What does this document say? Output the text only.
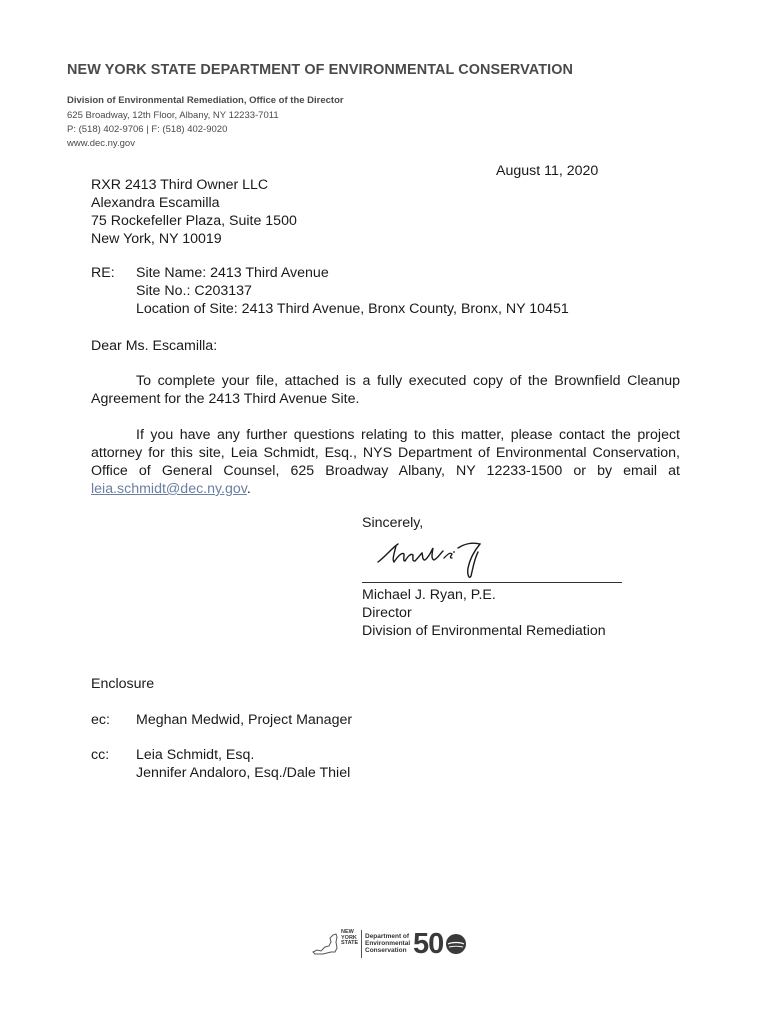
NEW YORK STATE DEPARTMENT OF ENVIRONMENTAL CONSERVATION
Division of Environmental Remediation, Office of the Director
625 Broadway, 12th Floor, Albany, NY 12233-7011
P: (518) 402-9706 | F: (518) 402-9020
www.dec.ny.gov
August 11, 2020
RXR 2413 Third Owner LLC
Alexandra Escamilla
75 Rockefeller Plaza, Suite 1500
New York, NY 10019
RE: Site Name: 2413 Third Avenue
Site No.: C203137
Location of Site: 2413 Third Avenue, Bronx County, Bronx, NY 10451
Dear Ms. Escamilla:
To complete your file, attached is a fully executed copy of the Brownfield Cleanup Agreement for the 2413 Third Avenue Site.
If you have any further questions relating to this matter, please contact the project attorney for this site, Leia Schmidt, Esq., NYS Department of Environmental Conservation, Office of General Counsel, 625 Broadway Albany, NY 12233-1500 or by email at leia.schmidt@dec.ny.gov.
Sincerely,
Michael J. Ryan, P.E.
Director
Division of Environmental Remediation
Enclosure
ec: Meghan Medwid, Project Manager
cc: Leia Schmidt, Esq.
Jennifer Andaloro, Esq./Dale Thiel
NEW
YORK
STATE
Department of
Environmental
Conservation 50
